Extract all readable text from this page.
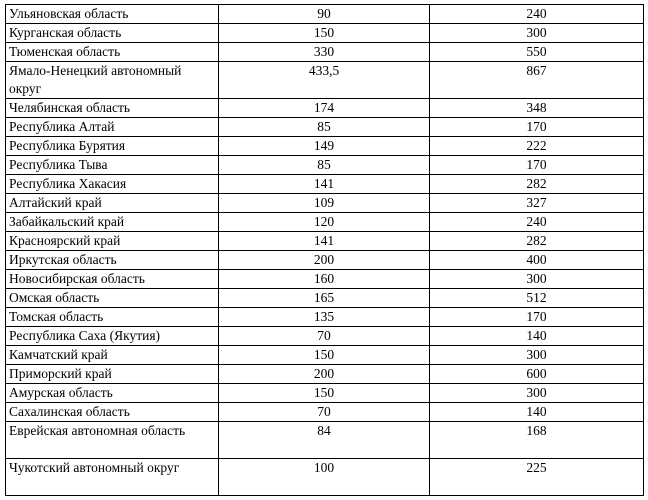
Ульяновская область	90	240
Курганская область	150	300
Тюменская область	330	550
Ямало-Ненецкий автономный округ	433,5	867
Челябинская область	174	348
Республика Алтай	85	170
Республика Бурятия	149	222
Республика Тыва	85	170
Республика Хакасия	141	282
Алтайский край	109	327
Забайкальский край	120	240
Красноярский край	141	282
Иркутская область	200	400
Новосибирская область	160	300
Омская область	165	512
Томская область	135	170
Республика Саха (Якутия)	70	140
Камчатский край	150	300
Приморский край	200	600
Амурская область	150	300
Сахалинская область	70	140
Еврейская автономная область	84	168
Чукотский автономный округ	100	225
